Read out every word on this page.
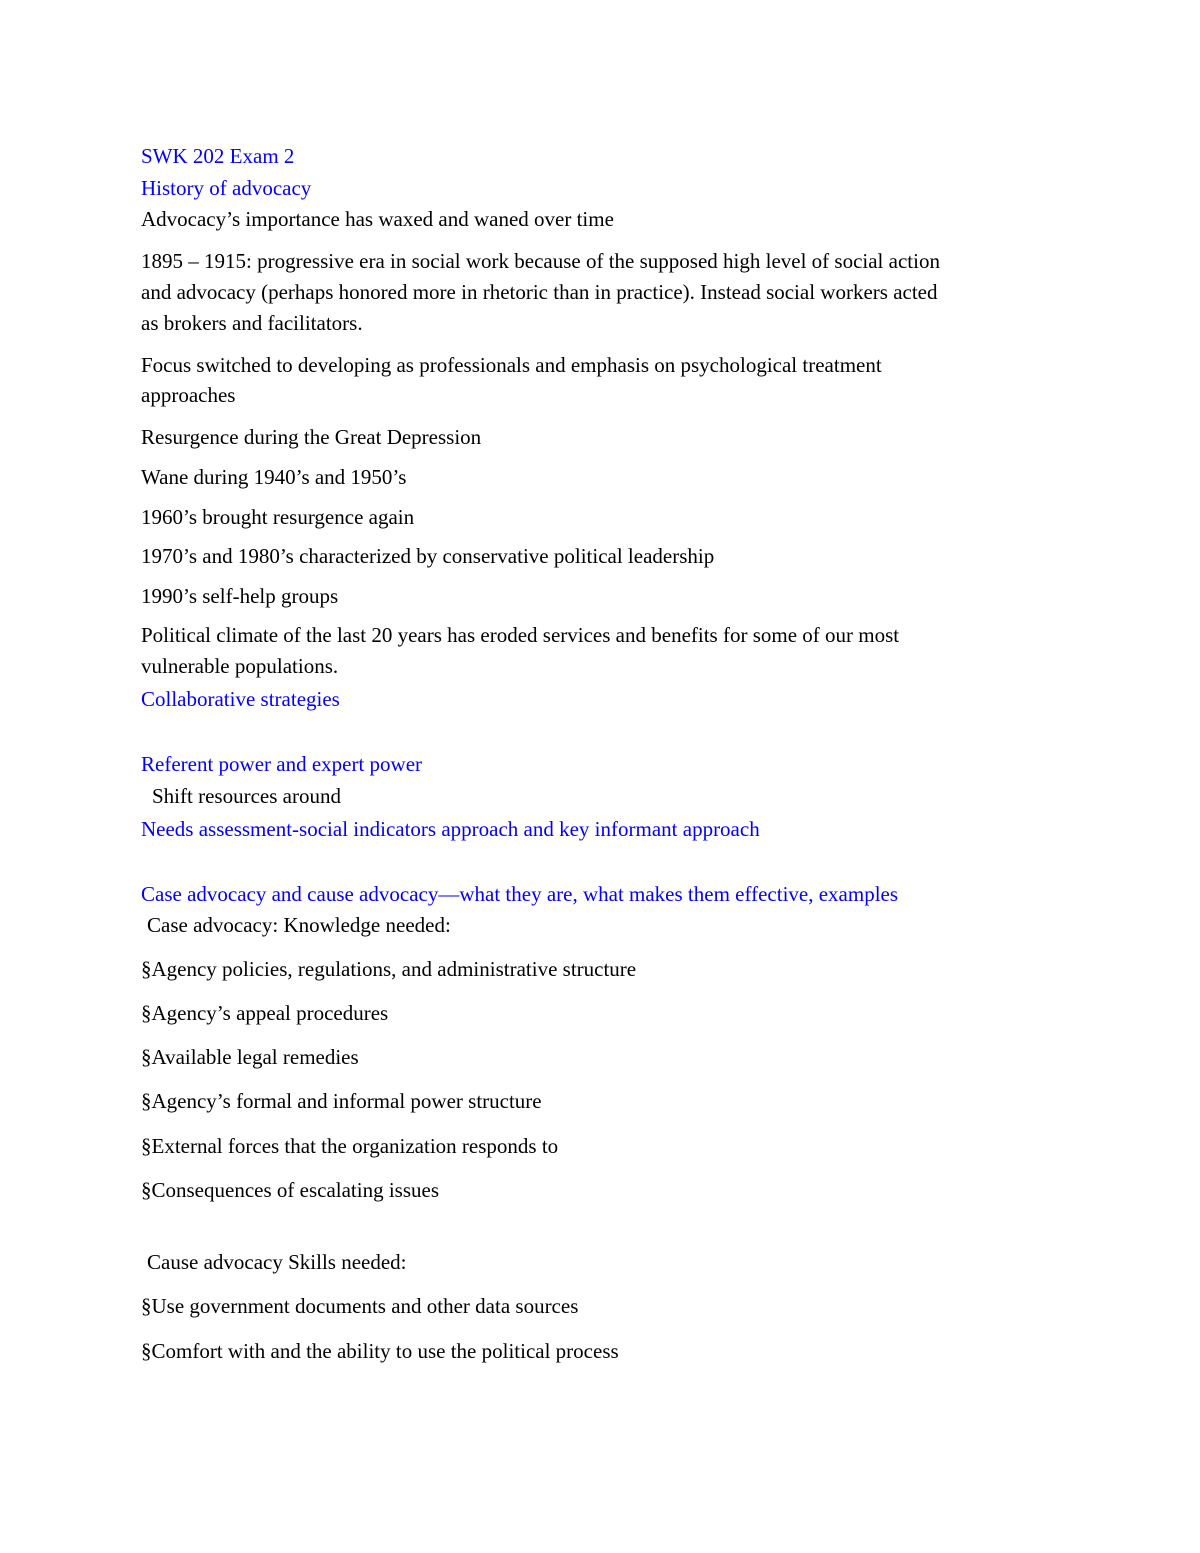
SWK 202 Exam 2
History of advocacy
Advocacy’s importance has waxed and waned over time
1895 – 1915: progressive era in social work because of the supposed high level of social action
and advocacy (perhaps honored more in rhetoric than in practice). Instead social workers acted
as brokers and facilitators.
Focus switched to developing as professionals and emphasis on psychological treatment
approaches
Resurgence during the Great Depression
Wane during 1940’s and 1950’s
1960’s brought resurgence again
1970’s and 1980’s characterized by conservative political leadership
1990’s self-help groups
Political climate of the last 20 years has eroded services and benefits for some of our most
vulnerable populations.
Collaborative strategies
Referent power and expert power
Shift resources around
Needs assessment-social indicators approach and key informant approach
Case advocacy and cause advocacy—what they are, what makes them effective, examples
Case advocacy: Knowledge needed:
§Agency policies, regulations, and administrative structure
§Agency’s appeal procedures
§Available legal remedies
§Agency’s formal and informal power structure
§External forces that the organization responds to
§Consequences of escalating issues
Cause advocacy Skills needed:
§Use government documents and other data sources
§Comfort with and the ability to use the political process
